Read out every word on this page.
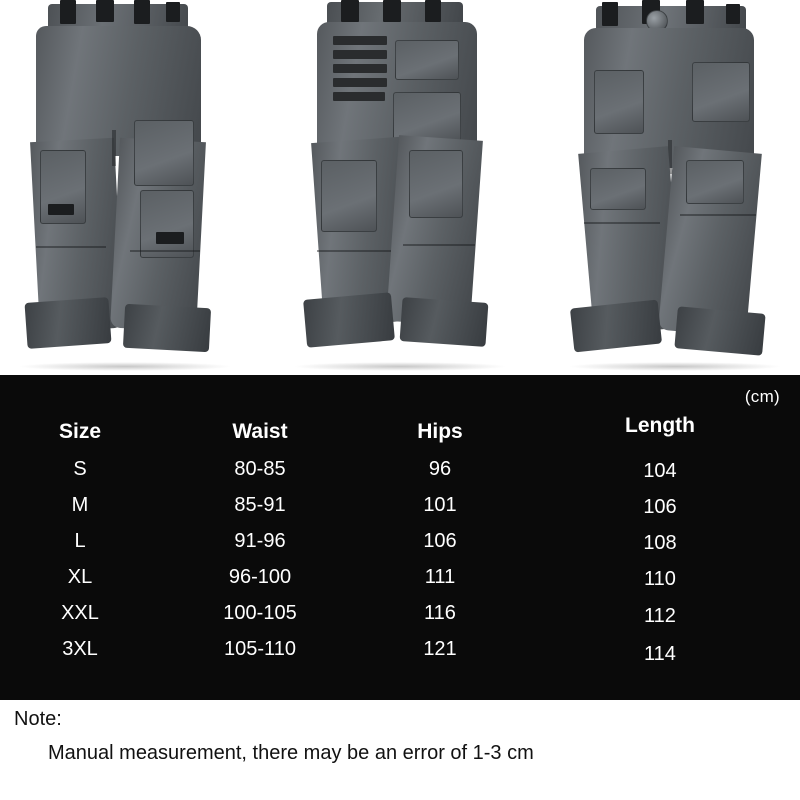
(cm)
Size	Waist	Hips	Length
S	80-85	96	104
M	85-91	101	106
L	91-96	106	108
XL	96-100	111	110
XXL	100-105	116	112
3XL	105-110	121	114
Note:
Manual measurement, there may be an error of 1-3 cm
